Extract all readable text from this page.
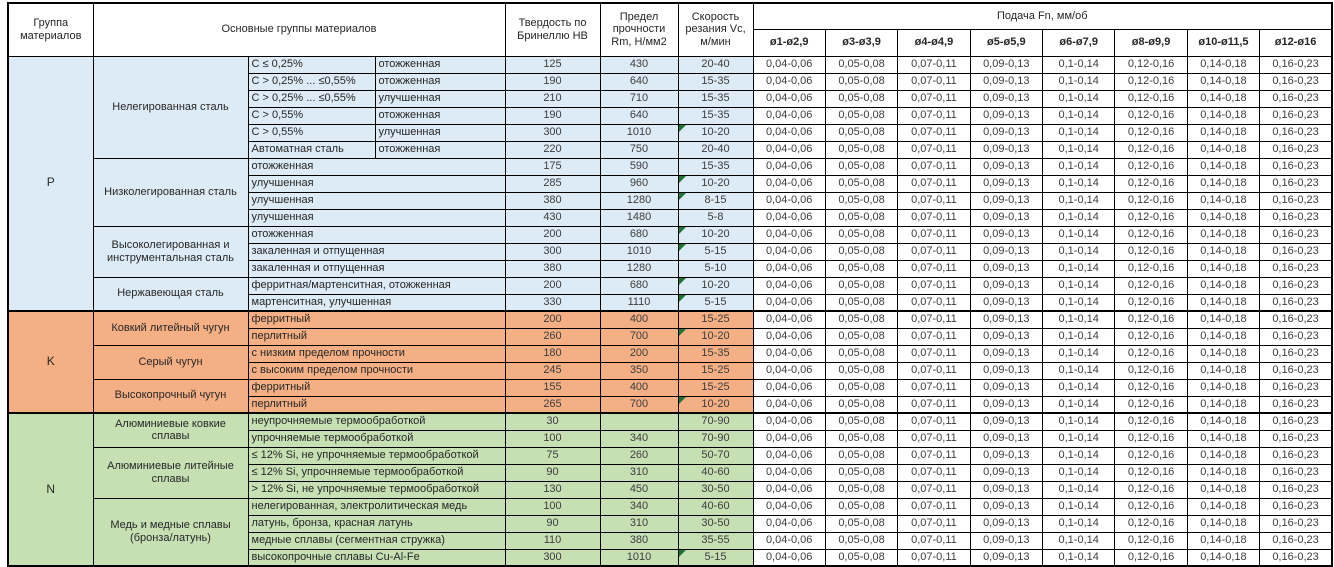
Группа материалов	Основные группы материалов			Твердость по Бринеллю НВ	Предел прочности Rm, Н/мм2	Скорость резания Vc, м/мин	Подача Fn, мм/об							
							ø1-ø2,9	ø3-ø3,9	ø4-ø4,9	ø5-ø5,9	ø6-ø7,9	ø8-ø9,9	ø10-ø11,5	ø12-ø16
P	Нелегированная сталь	C ≤ 0,25%	отожженная	125	430	20-40	0,04-0,06	0,05-0,08	0,07-0,11	0,09-0,13	0,1-0,14	0,12-0,16	0,14-0,18	0,16-0,23
		C > 0,25% ... ≤0,55%	отожженная	190	640	15-35	0,04-0,06	0,05-0,08	0,07-0,11	0,09-0,13	0,1-0,14	0,12-0,16	0,14-0,18	0,16-0,23
		C > 0,25% ... ≤0,55%	улучшенная	210	710	15-35	0,04-0,06	0,05-0,08	0,07-0,11	0,09-0,13	0,1-0,14	0,12-0,16	0,14-0,18	0,16-0,23
		C > 0,55%	отожженная	190	640	15-35	0,04-0,06	0,05-0,08	0,07-0,11	0,09-0,13	0,1-0,14	0,12-0,16	0,14-0,18	0,16-0,23
		C > 0,55%	улучшенная	300	1010	10-20	0,04-0,06	0,05-0,08	0,07-0,11	0,09-0,13	0,1-0,14	0,12-0,16	0,14-0,18	0,16-0,23
		Автоматная сталь	отожженная	220	750	20-40	0,04-0,06	0,05-0,08	0,07-0,11	0,09-0,13	0,1-0,14	0,12-0,16	0,14-0,18	0,16-0,23
	Низколегированная сталь	отожженная		175	590	15-35	0,04-0,06	0,05-0,08	0,07-0,11	0,09-0,13	0,1-0,14	0,12-0,16	0,14-0,18	0,16-0,23
		улучшенная		285	960	10-20	0,04-0,06	0,05-0,08	0,07-0,11	0,09-0,13	0,1-0,14	0,12-0,16	0,14-0,18	0,16-0,23
		улучшенная		380	1280	8-15	0,04-0,06	0,05-0,08	0,07-0,11	0,09-0,13	0,1-0,14	0,12-0,16	0,14-0,18	0,16-0,23
		улучшенная		430	1480	5-8	0,04-0,06	0,05-0,08	0,07-0,11	0,09-0,13	0,1-0,14	0,12-0,16	0,14-0,18	0,16-0,23
	Высоколегированная и инструментальная сталь	отожженная		200	680	10-20	0,04-0,06	0,05-0,08	0,07-0,11	0,09-0,13	0,1-0,14	0,12-0,16	0,14-0,18	0,16-0,23
		закаленная и отпущенная		300	1010	5-15	0,04-0,06	0,05-0,08	0,07-0,11	0,09-0,13	0,1-0,14	0,12-0,16	0,14-0,18	0,16-0,23
		закаленная и отпущенная		380	1280	5-10	0,04-0,06	0,05-0,08	0,07-0,11	0,09-0,13	0,1-0,14	0,12-0,16	0,14-0,18	0,16-0,23
	Нержавеющая сталь	ферритная/мартенситная, отожженная		200	680	10-20	0,04-0,06	0,05-0,08	0,07-0,11	0,09-0,13	0,1-0,14	0,12-0,16	0,14-0,18	0,16-0,23
		мартенситная, улучшенная		330	1110	5-15	0,04-0,06	0,05-0,08	0,07-0,11	0,09-0,13	0,1-0,14	0,12-0,16	0,14-0,18	0,16-0,23
K	Ковкий литейный чугун	ферритный		200	400	15-25	0,04-0,06	0,05-0,08	0,07-0,11	0,09-0,13	0,1-0,14	0,12-0,16	0,14-0,18	0,16-0,23
		перлитный		260	700	10-20	0,04-0,06	0,05-0,08	0,07-0,11	0,09-0,13	0,1-0,14	0,12-0,16	0,14-0,18	0,16-0,23
	Серый чугун	с низким пределом прочности		180	200	15-35	0,04-0,06	0,05-0,08	0,07-0,11	0,09-0,13	0,1-0,14	0,12-0,16	0,14-0,18	0,16-0,23
		с высоким пределом прочности		245	350	15-25	0,04-0,06	0,05-0,08	0,07-0,11	0,09-0,13	0,1-0,14	0,12-0,16	0,14-0,18	0,16-0,23
	Высокопрочный чугун	ферритный		155	400	15-25	0,04-0,06	0,05-0,08	0,07-0,11	0,09-0,13	0,1-0,14	0,12-0,16	0,14-0,18	0,16-0,23
		перлитный		265	700	10-20	0,04-0,06	0,05-0,08	0,07-0,11	0,09-0,13	0,1-0,14	0,12-0,16	0,14-0,18	0,16-0,23
N	Алюминиевые ковкие сплавы	неупрочняемые термообработкой		30		70-90	0,04-0,06	0,05-0,08	0,07-0,11	0,09-0,13	0,1-0,14	0,12-0,16	0,14-0,18	0,16-0,23
		упрочняемые термообработкой		100	340	70-90	0,04-0,06	0,05-0,08	0,07-0,11	0,09-0,13	0,1-0,14	0,12-0,16	0,14-0,18	0,16-0,23
	Алюминиевые литейные сплавы	≤ 12% Si, не упрочняемые термообработкой		75	260	50-70	0,04-0,06	0,05-0,08	0,07-0,11	0,09-0,13	0,1-0,14	0,12-0,16	0,14-0,18	0,16-0,23
		≤ 12% Si, упрочняемые термообработкой		90	310	40-60	0,04-0,06	0,05-0,08	0,07-0,11	0,09-0,13	0,1-0,14	0,12-0,16	0,14-0,18	0,16-0,23
		> 12% Si, не упрочняемые термообработкой		130	450	30-50	0,04-0,06	0,05-0,08	0,07-0,11	0,09-0,13	0,1-0,14	0,12-0,16	0,14-0,18	0,16-0,23
	Медь и медные сплавы (бронза/латунь)	нелегированная, электролитическая медь		100	340	40-60	0,04-0,06	0,05-0,08	0,07-0,11	0,09-0,13	0,1-0,14	0,12-0,16	0,14-0,18	0,16-0,23
		латунь, бронза, красная латунь		90	310	30-50	0,04-0,06	0,05-0,08	0,07-0,11	0,09-0,13	0,1-0,14	0,12-0,16	0,14-0,18	0,16-0,23
		медные сплавы (сегментная стружка)		110	380	35-55	0,04-0,06	0,05-0,08	0,07-0,11	0,09-0,13	0,1-0,14	0,12-0,16	0,14-0,18	0,16-0,23
		высокопрочные сплавы Cu-Al-Fe		300	1010	5-15	0,04-0,06	0,05-0,08	0,07-0,11	0,09-0,13	0,1-0,14	0,12-0,16	0,14-0,18	0,16-0,23
